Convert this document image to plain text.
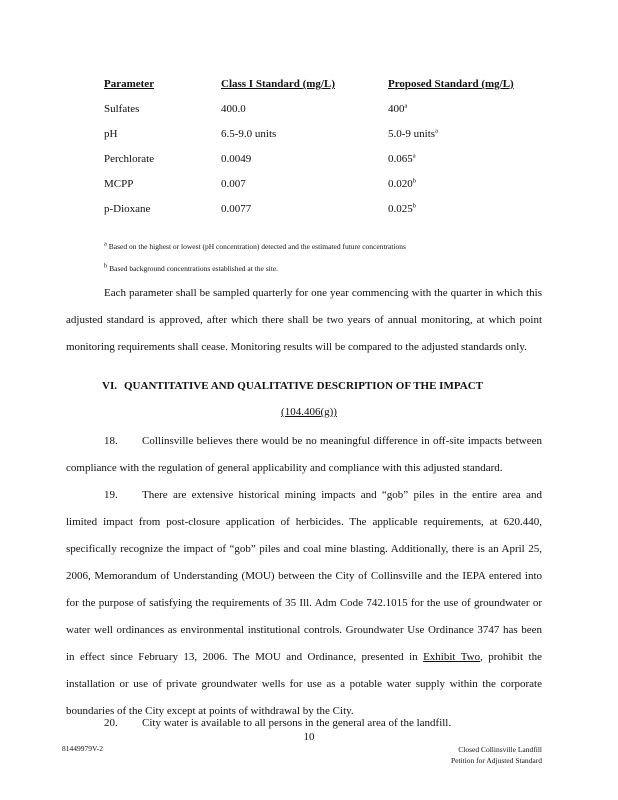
Parameter	Class I Standard (mg/L)	Proposed Standard (mg/L)
Sulfates	400.0	400$^a$
pH	6.5-9.0 units	5.0-9 units$^a$
Perchlorate	0.0049	0.065$^a$
MCPP	0.007	0.020$^b$
p-Dioxane	0.0077	0.025$^b$
$^a$ Based on the highest or lowest (pH concentration) detected and the estimated future concentrations
$^b$ Based background concentrations established at the site.

Each parameter shall be sampled quarterly for one year commencing with the quarter in which this adjusted standard is approved, after which there shall be two years of annual monitoring, at which point monitoring requirements shall cease. Monitoring results will be compared to the adjusted standards only.

VI. QUANTITATIVE AND QUALITATIVE DESCRIPTION OF THE IMPACT
(104.406(g))

18. Collinsville believes there would be no meaningful difference in off-site impacts between compliance with the regulation of general applicability and compliance with this adjusted standard.

19. There are extensive historical mining impacts and “gob” piles in the entire area and limited impact from post-closure application of herbicides. The applicable requirements, at 620.440, specifically recognize the impact of “gob” piles and coal mine blasting. Additionally, there is an April 25, 2006, Memorandum of Understanding (MOU) between the City of Collinsville and the IEPA entered into for the purpose of satisfying the requirements of 35 Ill. Adm Code 742.1015 for the use of groundwater or water well ordinances as environmental institutional controls. Groundwater Use Ordinance 3747 has been in effect since February 13, 2006. The MOU and Ordinance, presented in Exhibit Two, prohibit the installation or use of private groundwater wells for use as a potable water supply within the corporate boundaries of the City except at points of withdrawal by the City.

20. City water is available to all persons in the general area of the landfill.

10
81449979V-2	Closed Collinsville Landfill
Petition for Adjusted Standard
